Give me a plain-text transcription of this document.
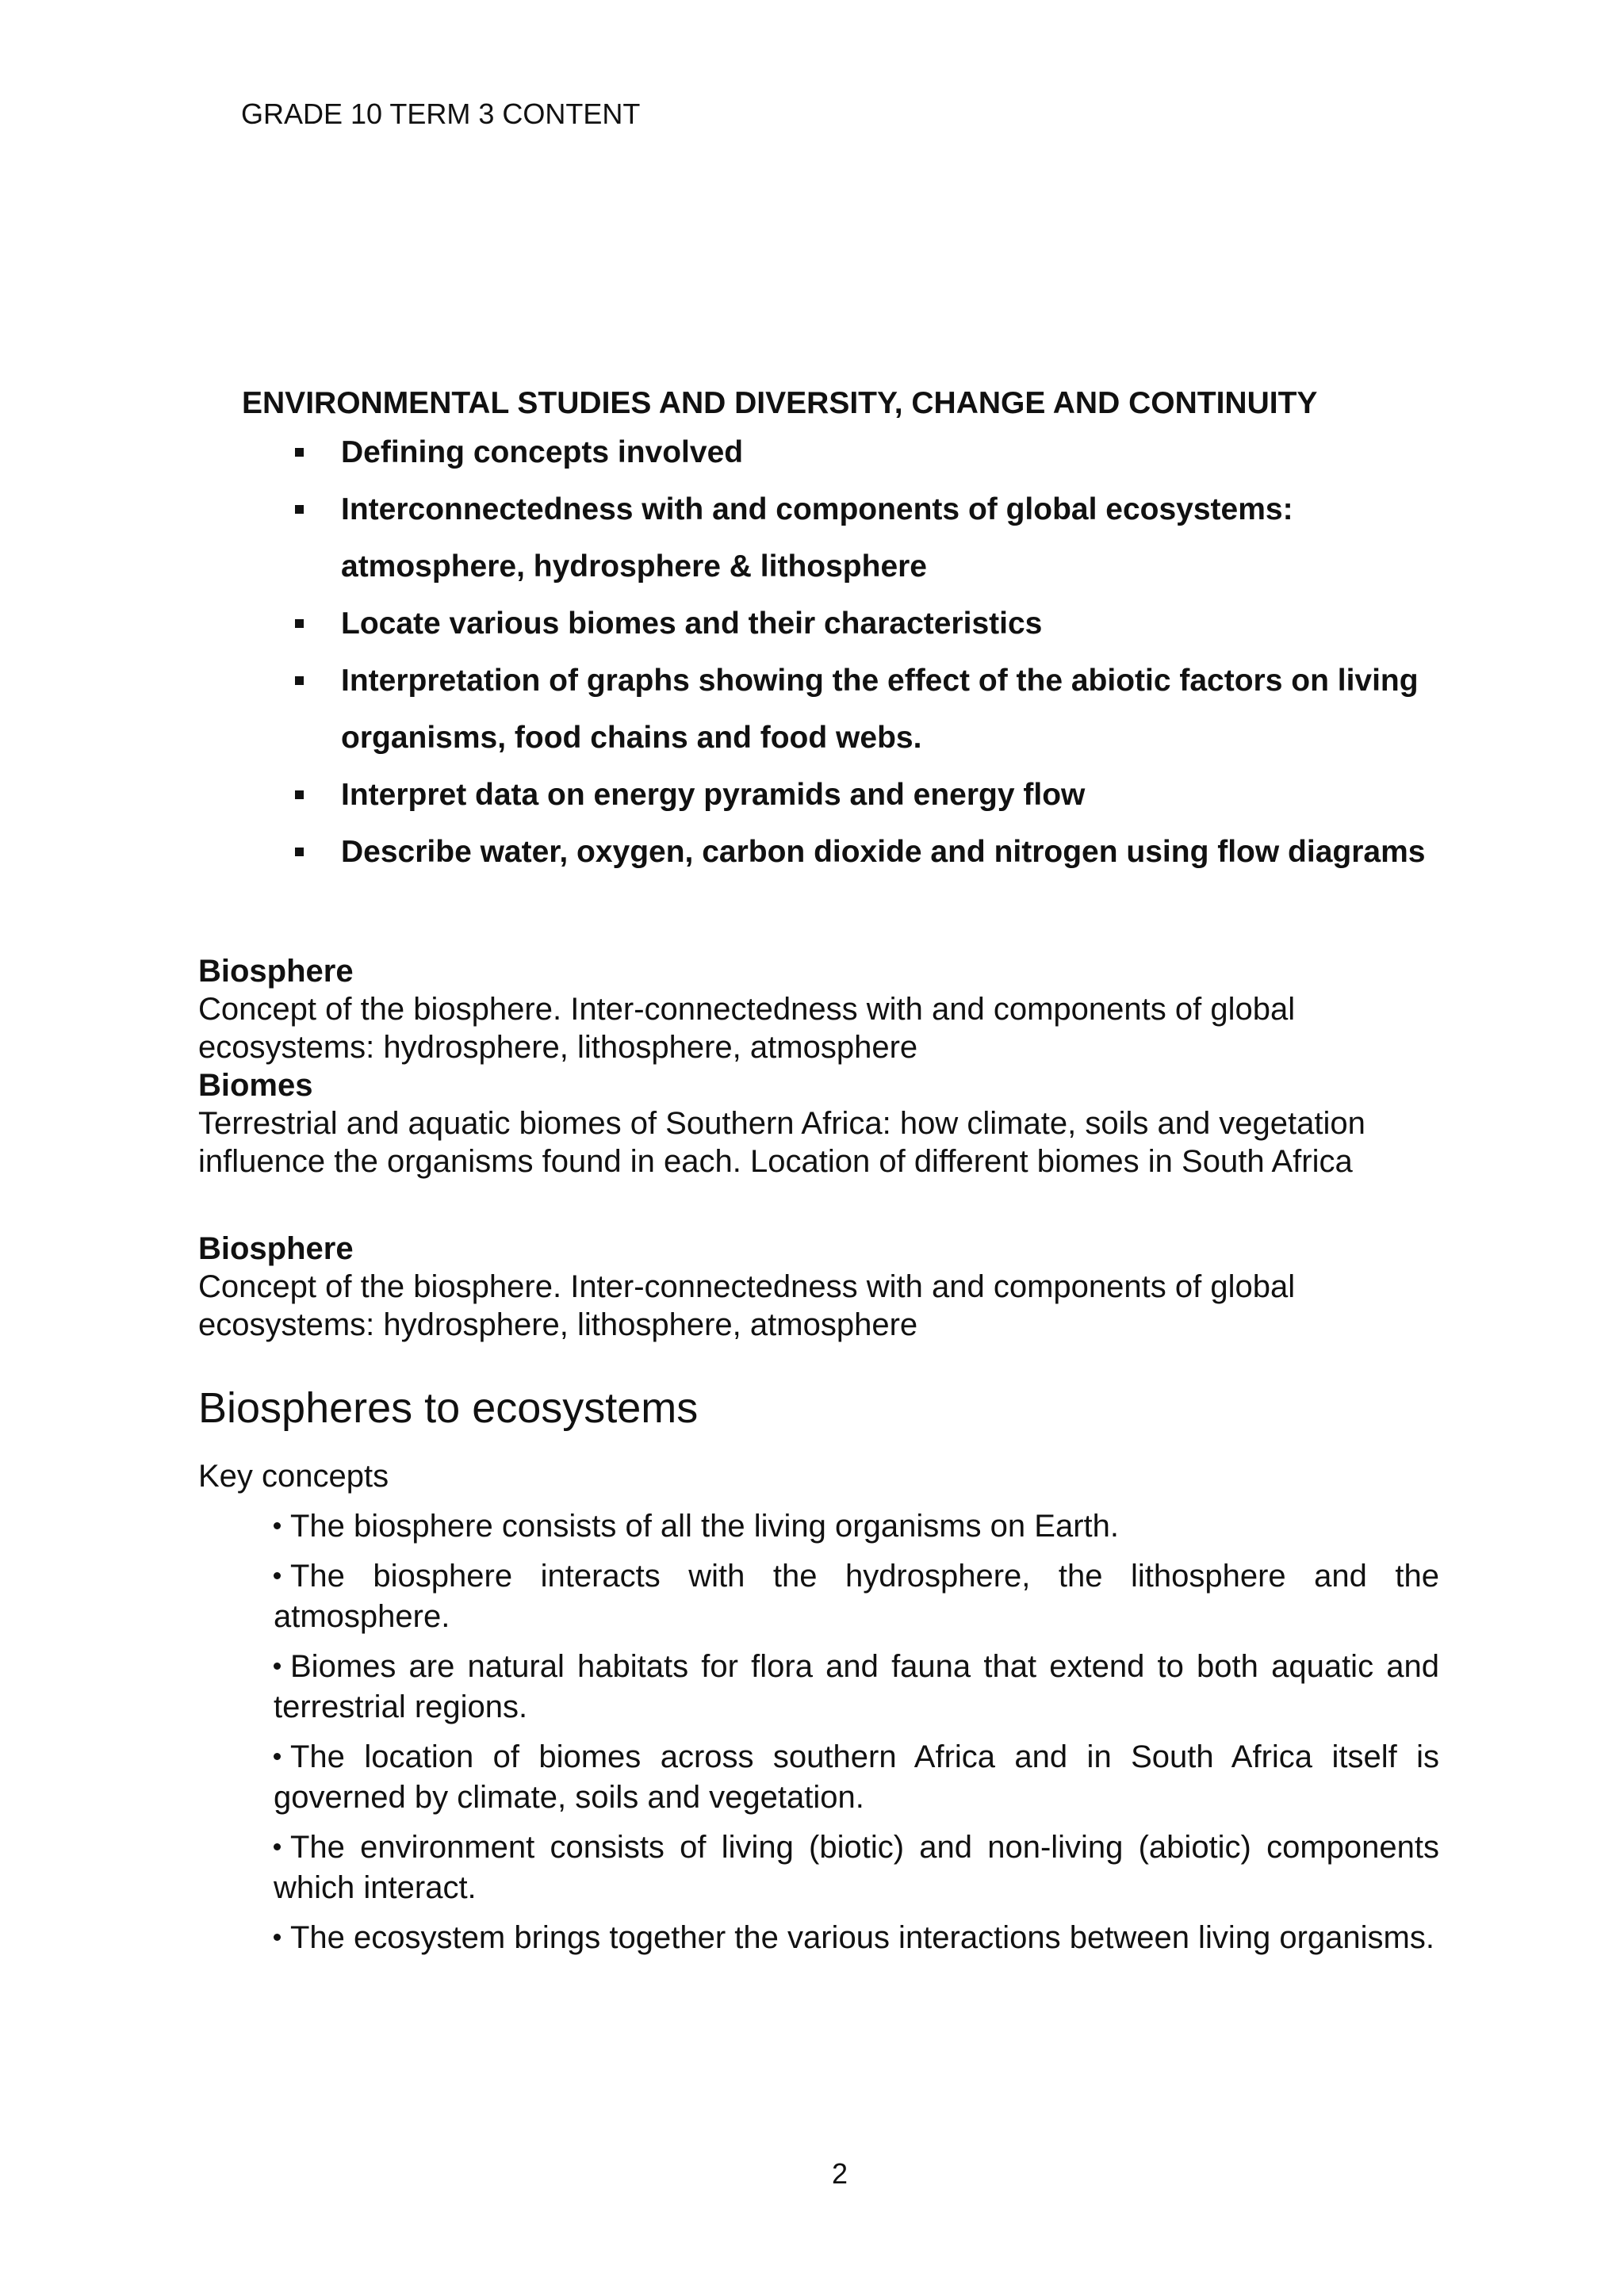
GRADE 10 TERM 3 CONTENT
ENVIRONMENTAL STUDIES AND DIVERSITY, CHANGE AND CONTINUITY
Defining concepts involved
Interconnectedness with and components of global ecosystems: atmosphere, hydrosphere & lithosphere
Locate various biomes and their characteristics
Interpretation of graphs showing the effect of the abiotic factors on living organisms, food chains and food webs.
Interpret data on energy pyramids and energy flow
Describe water, oxygen, carbon dioxide and nitrogen using flow diagrams
Biosphere
Concept of the biosphere. Inter-connectedness with and components of global ecosystems: hydrosphere, lithosphere, atmosphere
Biomes
Terrestrial and aquatic biomes of Southern Africa: how climate, soils and vegetation influence the organisms found in each. Location of different biomes in South Africa
Biosphere
Concept of the biosphere. Inter-connectedness with and components of global ecosystems: hydrosphere, lithosphere, atmosphere
Biospheres to ecosystems
Key concepts
The biosphere consists of all the living organisms on Earth.
The biosphere interacts with the hydrosphere, the lithosphere and the atmosphere.
Biomes are natural habitats for flora and fauna that extend to both aquatic and terrestrial regions.
The location of biomes across southern Africa and in South Africa itself is governed by climate, soils and vegetation.
The environment consists of living (biotic) and non-living (abiotic) components which interact.
The ecosystem brings together the various interactions between living organisms.
2
